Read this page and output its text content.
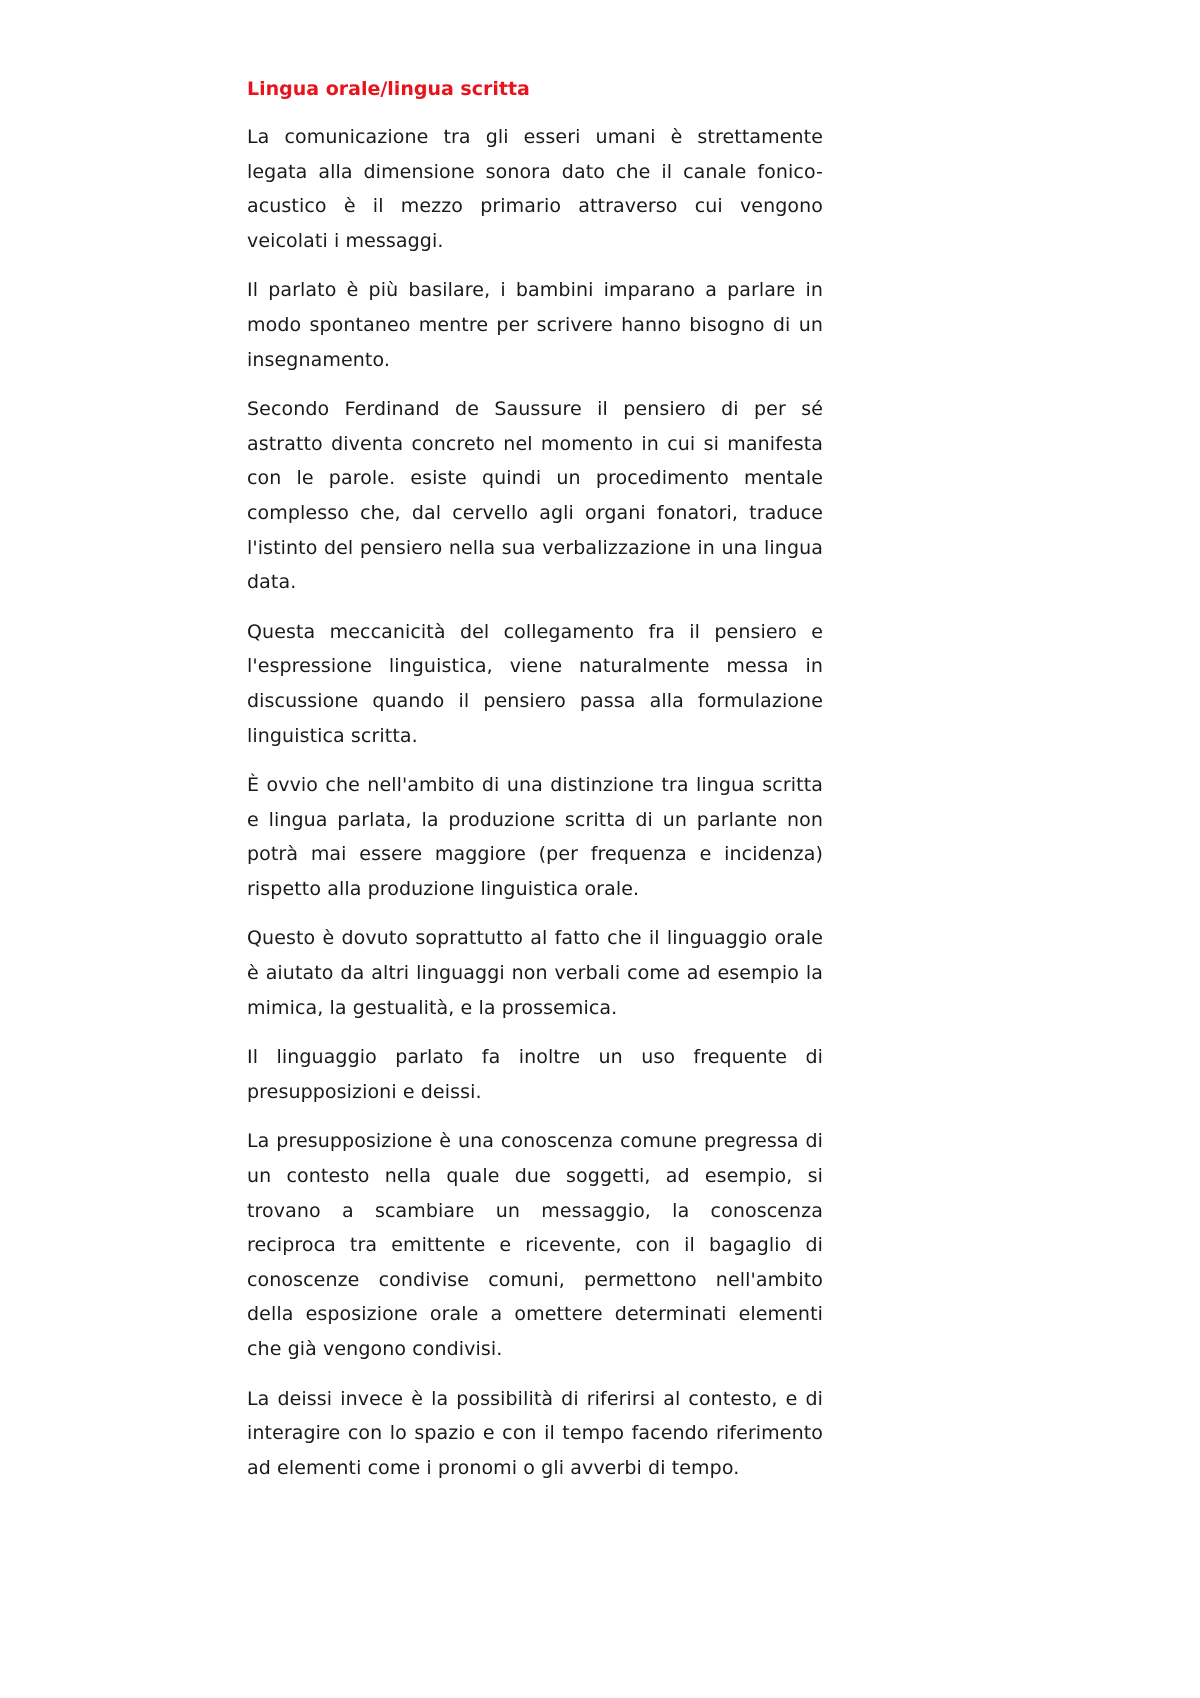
Lingua orale/lingua scritta

La comunicazione tra gli esseri umani è strettamente legata alla dimensione sonora dato che il canale fonico-acustico è il mezzo primario attraverso cui vengono veicolati i messaggi.

Il parlato è più basilare, i bambini imparano a parlare in modo spontaneo mentre per scrivere hanno bisogno di un insegnamento.

Secondo Ferdinand de Saussure il pensiero di per sé astratto diventa concreto nel momento in cui si manifesta con le parole. esiste quindi un procedimento mentale complesso che, dal cervello agli organi fonatori, traduce l'istinto del pensiero nella sua verbalizzazione in una lingua data.

Questa meccanicità del collegamento fra il pensiero e l'espressione linguistica, viene naturalmente messa in discussione quando il pensiero passa alla formulazione linguistica scritta.

È ovvio che nell'ambito di una distinzione tra lingua scritta e lingua parlata, la produzione scritta di un parlante non potrà mai essere maggiore (per frequenza e incidenza) rispetto alla produzione linguistica orale.

Questo è dovuto soprattutto al fatto che il linguaggio orale è aiutato da altri linguaggi non verbali come ad esempio la mimica, la gestualità, e la prossemica.

Il linguaggio parlato fa inoltre un uso frequente di presupposizioni e deissi.

La presupposizione è una conoscenza comune pregressa di un contesto nella quale due soggetti, ad esempio, si trovano a scambiare un messaggio, la conoscenza reciproca tra emittente e ricevente, con il bagaglio di conoscenze condivise comuni, permettono nell'ambito della esposizione orale a omettere determinati elementi che già vengono condivisi.

La deissi invece è la possibilità di riferirsi al contesto, e di interagire con lo spazio e con il tempo facendo riferimento ad elementi come i pronomi o gli avverbi di tempo.
